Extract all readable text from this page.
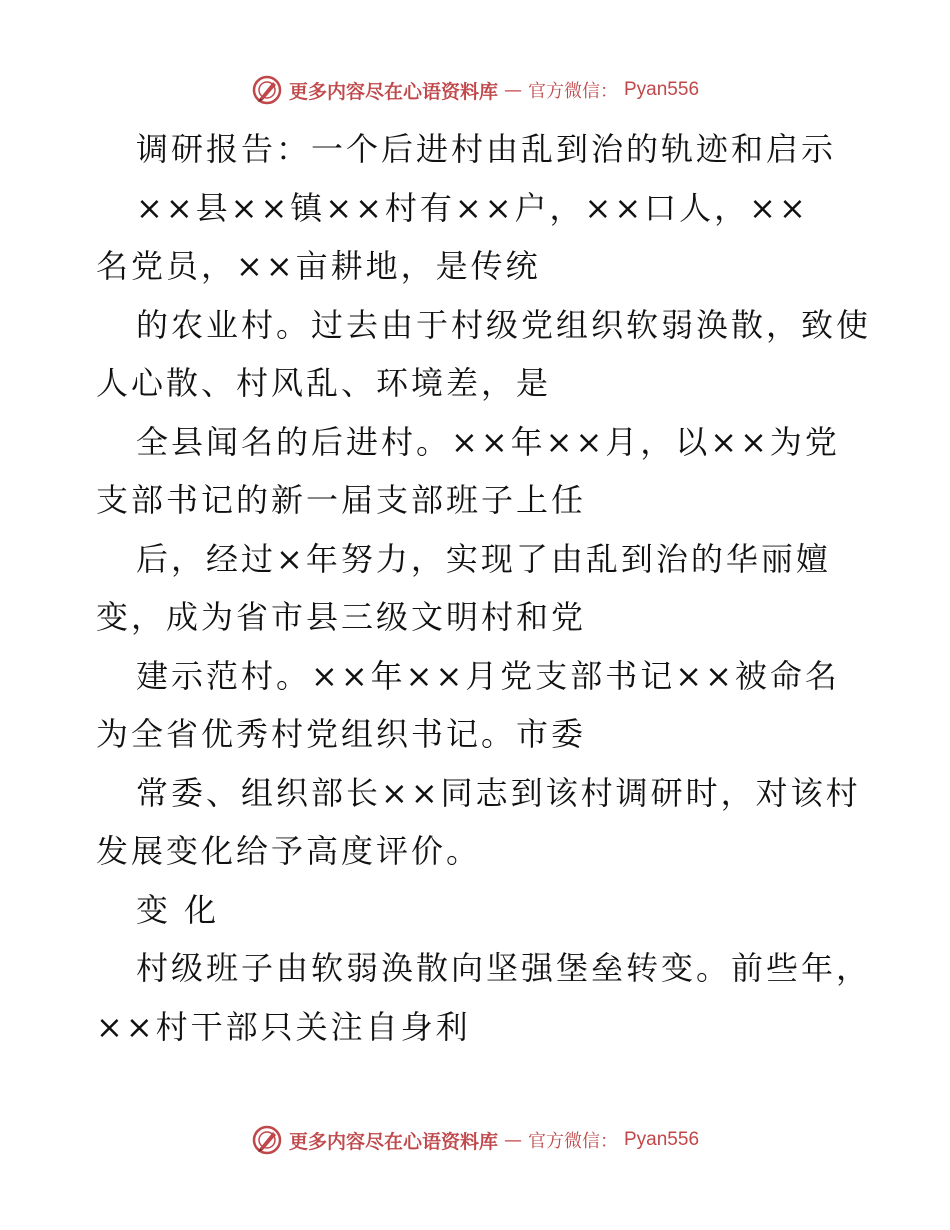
更多内容尽在心语资料库 — 官方微信： Pyan556
调研报告：一个后进村由乱到治的轨迹和启示
××县××镇××村有××户，××口人，××
名党员，××亩耕地，是传统
的农业村。过去由于村级党组织软弱涣散，致使
人心散、村风乱、环境差，是
全县闻名的后进村。××年××月，以××为党
支部书记的新一届支部班子上任
后，经过×年努力，实现了由乱到治的华丽嬗
变，成为省市县三级文明村和党
建示范村。××年××月党支部书记××被命名
为全省优秀村党组织书记。市委
常委、组织部长××同志到该村调研时，对该村
发展变化给予高度评价。
变 化
村级班子由软弱涣散向坚强堡垒转变。前些年，
××村干部只关注自身利
更多内容尽在心语资料库 — 官方微信： Pyan556
